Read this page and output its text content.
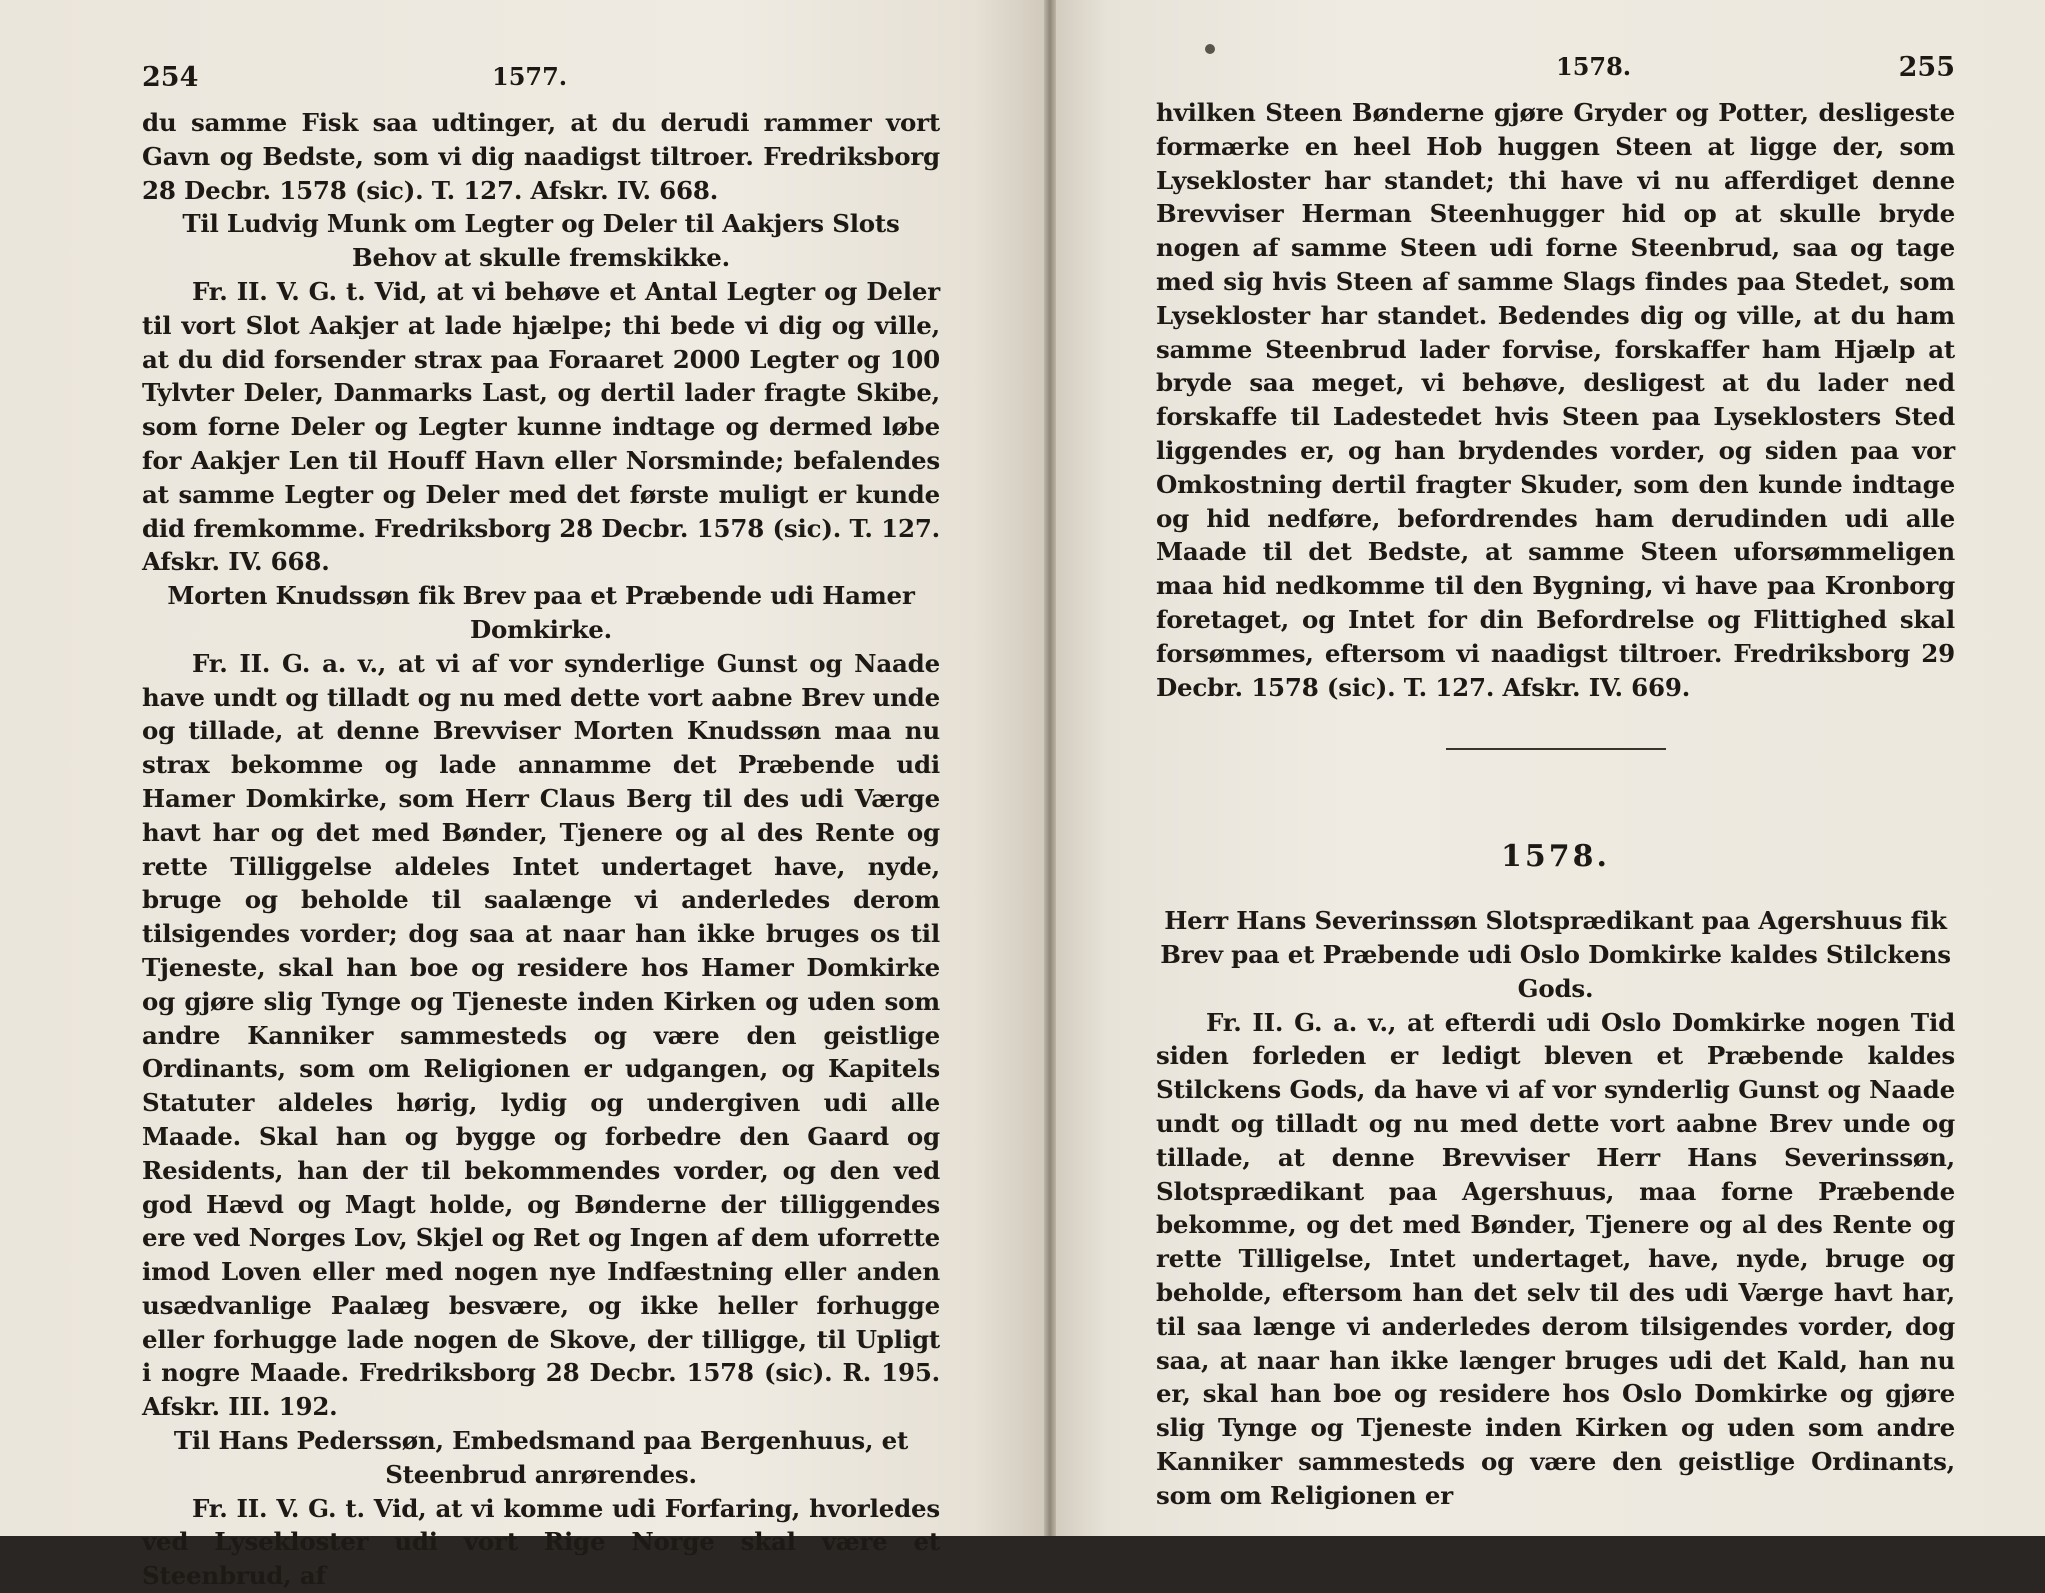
254	1577.

du samme Fisk saa udtinger, at du derudi rammer vort Gavn og Bedste, som vi dig naadigst tiltroer. Fredriksborg 28 Decbr. 1578 (sic). T. 127. Afskr. IV. 668.

Til Ludvig Munk om Legter og Deler til Aakjers Slots Behov at skulle fremskikke.

Fr. II. V. G. t. Vid, at vi behøve et Antal Legter og Deler til vort Slot Aakjer at lade hjælpe; thi bede vi dig og ville, at du did forsender strax paa Foraaret 2000 Legter og 100 Tylvter Deler, Danmarks Last, og dertil lader fragte Skibe, som forne Deler og Legter kunne indtage og dermed løbe for Aakjer Len til Houff Havn eller Norsminde; befalendes at samme Legter og Deler med det første muligt er kunde did fremkomme. Fredriksborg 28 Decbr. 1578 (sic). T. 127. Afskr. IV. 668.

Morten Knudssøn fik Brev paa et Præbende udi Hamer Domkirke.

Fr. II. G. a. v., at vi af vor synderlige Gunst og Naade have undt og tilladt og nu med dette vort aabne Brev unde og tillade, at denne Brevviser Morten Knudssøn maa nu strax bekomme og lade annamme det Præbende udi Hamer Domkirke, som Herr Claus Berg til des udi Værge havt har og det med Bønder, Tjenere og al des Rente og rette Tilliggelse aldeles Intet undertaget have, nyde, bruge og beholde til saalænge vi anderledes derom tilsigendes vorder; dog saa at naar han ikke bruges os til Tjeneste, skal han boe og residere hos Hamer Domkirke og gjøre slig Tynge og Tjeneste inden Kirken og uden som andre Kanniker sammesteds og være den geistlige Ordinants, som om Religionen er udgangen, og Kapitels Statuter aldeles hørig, lydig og undergiven udi alle Maade. Skal han og bygge og forbedre den Gaard og Residents, han der til bekommendes vorder, og den ved god Hævd og Magt holde, og Bønderne der tilliggendes ere ved Norges Lov, Skjel og Ret og Ingen af dem uforrette imod Loven eller med nogen nye Indfæstning eller anden usædvanlige Paalæg besvære, og ikke heller forhugge eller forhugge lade nogen de Skove, der tilligge, til Upligt i nogre Maade. Fredriksborg 28 Decbr. 1578 (sic). R. 195. Afskr. III. 192.

Til Hans Pederssøn, Embedsmand paa Bergenhuus, et Steenbrud anrørendes.

Fr. II. V. G. t. Vid, at vi komme udi Forfaring, hvorledes ved Lysekloster udi vort Rige Norge skal være et Steenbrud, af

1578.	255

hvilken Steen Bønderne gjøre Gryder og Potter, desligeste formærke en heel Hob huggen Steen at ligge der, som Lysekloster har standet; thi have vi nu afferdiget denne Brevviser Herman Steenhugger hid op at skulle bryde nogen af samme Steen udi forne Steenbrud, saa og tage med sig hvis Steen af samme Slags findes paa Stedet, som Lysekloster har standet. Bedendes dig og ville, at du ham samme Steenbrud lader forvise, forskaffer ham Hjælp at bryde saa meget, vi behøve, desligest at du lader ned forskaffe til Ladestedet hvis Steen paa Lyseklosters Sted liggendes er, og han brydendes vorder, og siden paa vor Omkostning dertil fragter Skuder, som den kunde indtage og hid nedføre, befordrendes ham derudinden udi alle Maade til det Bedste, at samme Steen uforsømmeligen maa hid nedkomme til den Bygning, vi have paa Kronborg foretaget, og Intet for din Befordrelse og Flittighed skal forsømmes, eftersom vi naadigst tiltroer. Fredriksborg 29 Decbr. 1578 (sic). T. 127. Afskr. IV. 669.

1578.

Herr Hans Severinssøn Slotsprædikant paa Agershuus fik Brev paa et Præbende udi Oslo Domkirke kaldes Stilckens Gods.

Fr. II. G. a. v., at efterdi udi Oslo Domkirke nogen Tid siden forleden er ledigt bleven et Præbende kaldes Stilckens Gods, da have vi af vor synderlig Gunst og Naade undt og tilladt og nu med dette vort aabne Brev unde og tillade, at denne Brevviser Herr Hans Severinssøn, Slotsprædikant paa Agershuus, maa forne Præbende bekomme, og det med Bønder, Tjenere og al des Rente og rette Tilligelse, Intet undertaget, have, nyde, bruge og beholde, eftersom han det selv til des udi Værge havt har, til saa længe vi anderledes derom tilsigendes vorder, dog saa, at naar han ikke længer bruges udi det Kald, han nu er, skal han boe og residere hos Oslo Domkirke og gjøre slig Tynge og Tjeneste inden Kirken og uden som andre Kanniker sammesteds og være den geistlige Ordinants, som om Religionen er
